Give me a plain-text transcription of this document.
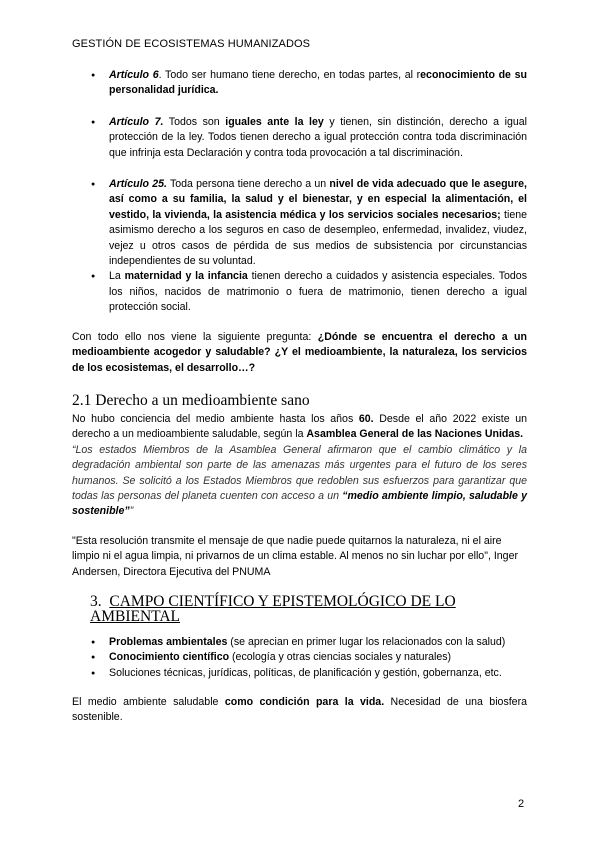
GESTIÓN DE ECOSISTEMAS HUMANIZADOS
● Artículo 6. Todo ser humano tiene derecho, en todas partes, al reconocimiento de su personalidad jurídica.
● Artículo 7. Todos son iguales ante la ley y tienen, sin distinción, derecho a igual protección de la ley. Todos tienen derecho a igual protección contra toda discriminación que infrinja esta Declaración y contra toda provocación a tal discriminación.
● Artículo 25. Toda persona tiene derecho a un nivel de vida adecuado que le asegure, así como a su familia, la salud y el bienestar, y en especial la alimentación, el vestido, la vivienda, la asistencia médica y los servicios sociales necesarios; tiene asimismo derecho a los seguros en caso de desempleo, enfermedad, invalidez, viudez, vejez u otros casos de pérdida de sus medios de subsistencia por circunstancias independientes de su voluntad.
● La maternidad y la infancia tienen derecho a cuidados y asistencia especiales. Todos los niños, nacidos de matrimonio o fuera de matrimonio, tienen derecho a igual protección social.

Con todo ello nos viene la siguiente pregunta: ¿Dónde se encuentra el derecho a un medioambiente acogedor y saludable? ¿Y el medioambiente, la naturaleza, los servicios de los ecosistemas, el desarrollo…?

2.1 Derecho a un medioambiente sano

No hubo conciencia del medio ambiente hasta los años 60. Desde el año 2022 existe un derecho a un medioambiente saludable, según la Asamblea General de las Naciones Unidas.

“Los estados Miembros de la Asamblea General afirmaron que el cambio climático y la degradación ambiental son parte de las amenazas más urgentes para el futuro de los seres humanos. Se solicitó a los Estados Miembros que redoblen sus esfuerzos para garantizar que todas las personas del planeta cuenten con acceso a un “medio ambiente limpio, saludable y sostenible””

"Esta resolución transmite el mensaje de que nadie puede quitarnos la naturaleza, ni el aire limpio ni el agua limpia, ni privarnos de un clima estable. Al menos no sin luchar por ello", Inger Andersen, Directora Ejecutiva del PNUMA

3. CAMPO CIENTÍFICO Y EPISTEMOLÓGICO DE LO AMBIENTAL
● Problemas ambientales (se aprecian en primer lugar los relacionados con la salud)
● Conocimiento científico (ecología y otras ciencias sociales y naturales)
● Soluciones técnicas, jurídicas, políticas, de planificación y gestión, gobernanza, etc.

El medio ambiente saludable como condición para la vida. Necesidad de una biosfera sostenible.

2
